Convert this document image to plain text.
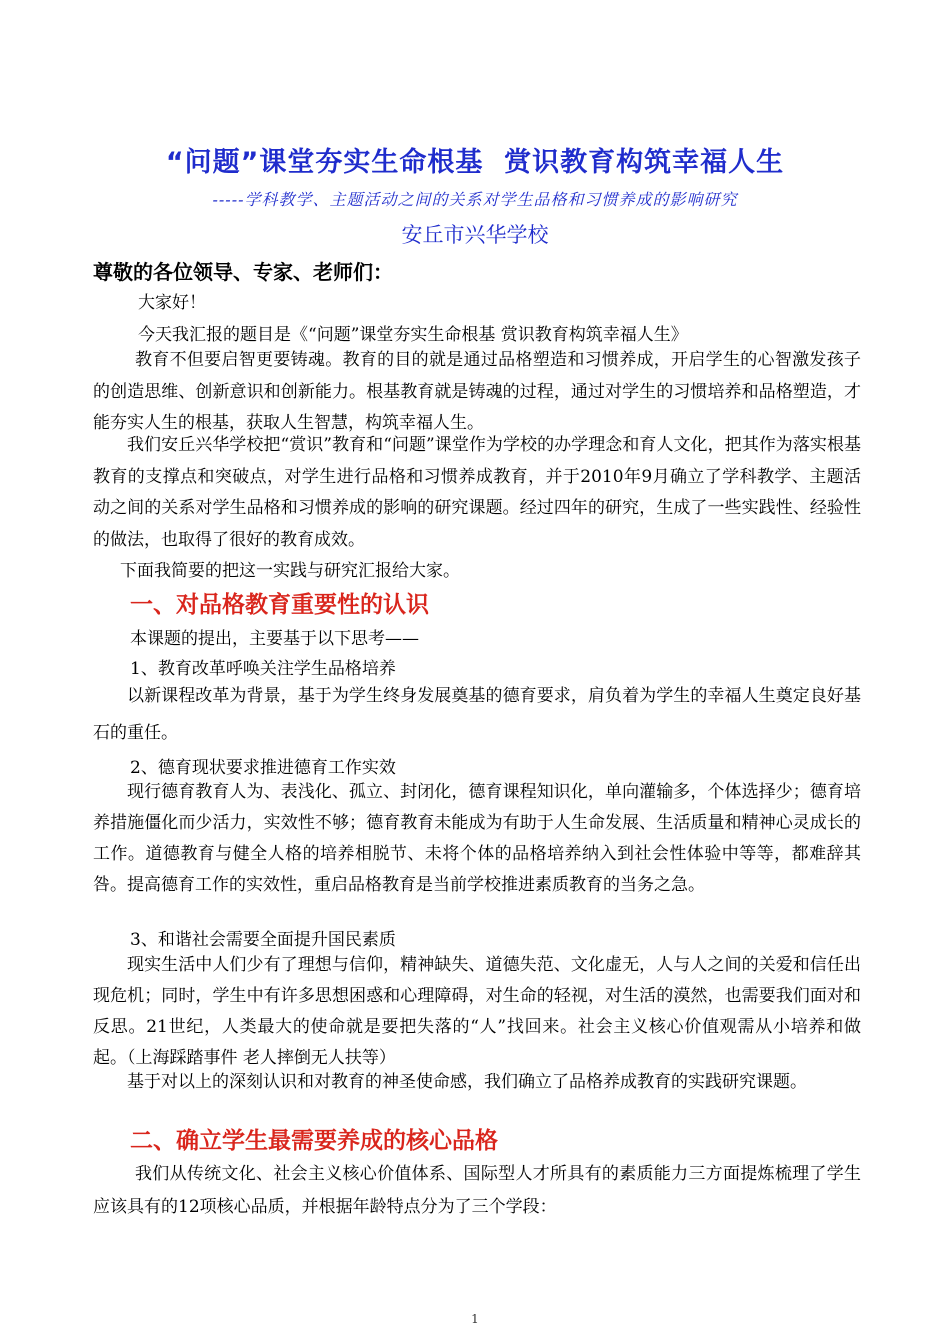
“问题”课堂夯实生命根基  赏识教育构筑幸福人生
-----学科教学、主题活动之间的关系对学生品格和习惯养成的影响研究
安丘市兴华学校
尊敬的各位领导、专家、老师们：
大家好！
今天我汇报的题目是《“问题”课堂夯实生命根基 赏识教育构筑幸福人生》

教育不但要启智更要铸魂。教育的目的就是通过品格塑造和习惯养成，开启学生的心智激发孩子的创造思维、创新意识和创新能力。根基教育就是铸魂的过程，通过对学生的习惯培养和品格塑造，才能夯实人生的根基，获取人生智慧，构筑幸福人生。

我们安丘兴华学校把“赏识”教育和“问题”课堂作为学校的办学理念和育人文化，把其作为落实根基教育的支撑点和突破点，对学生进行品格和习惯养成教育，并于2010年9月确立了学科教学、主题活动之间的关系对学生品格和习惯养成的影响的研究课题。经过四年的研究，生成了一些实践性、经验性的做法，也取得了很好的教育成效。

下面我简要的把这一实践与研究汇报给大家。
一、对品格教育重要性的认识
本课题的提出，主要基于以下思考——
1、教育改革呼唤关注学生品格培养

以新课程改革为背景，基于为学生终身发展奠基的德育要求，肩负着为学生的幸福人生奠定良好基石的重任。

2、德育现状要求推进德育工作实效

现行德育教育人为、表浅化、孤立、封闭化，德育课程知识化，单向灌输多，个体选择少；德育培养措施僵化而少活力，实效性不够；德育教育未能成为有助于人生命发展、生活质量和精神心灵成长的工作。道德教育与健全人格的培养相脱节、未将个体的品格培养纳入到社会性体验中等等，都难辞其咎。提高德育工作的实效性，重启品格教育是当前学校推进素质教育的当务之急。

3、和谐社会需要全面提升国民素质

现实生活中人们少有了理想与信仰，精神缺失、道德失范、文化虚无，人与人之间的关爱和信任出现危机；同时，学生中有许多思想困惑和心理障碍，对生命的轻视，对生活的漠然，也需要我们面对和反思。21世纪，人类最大的使命就是要把失落的“人”找回来。社会主义核心价值观需从小培养和做起。（上海踩踏事件 老人摔倒无人扶等）

基于对以上的深刻认识和对教育的神圣使命感，我们确立了品格养成教育的实践研究课题。

二、确立学生最需要养成的核心品格

我们从传统文化、社会主义核心价值体系、国际型人才所具有的素质能力三方面提炼梳理了学生应该具有的12项核心品质，并根据年龄特点分为了三个学段：

1
